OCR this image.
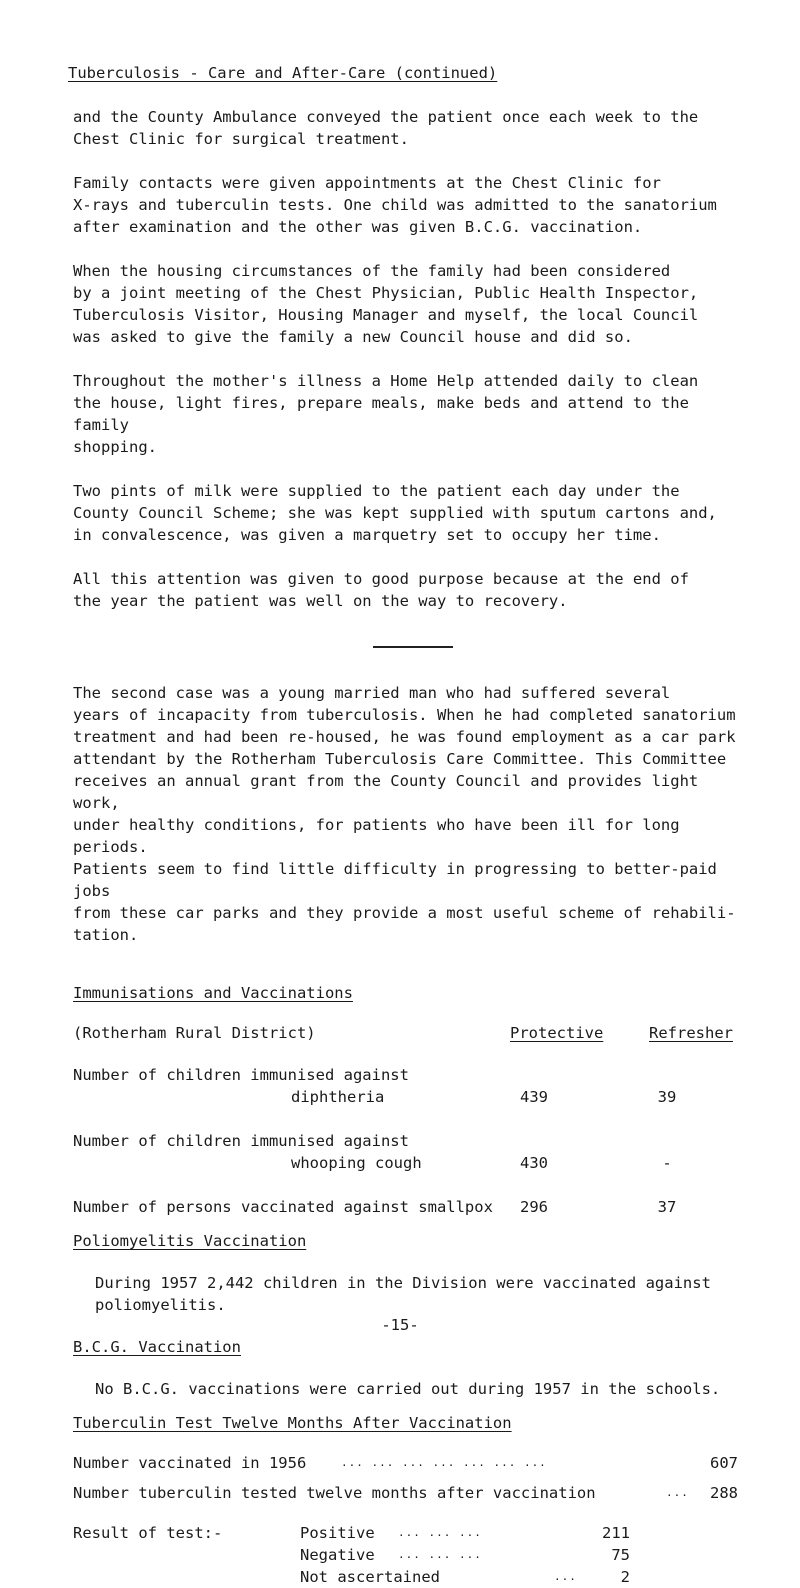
Tuberculosis - Care and After-Care (continued)

and the County Ambulance conveyed the patient once each week to the
Chest Clinic for surgical treatment.

Family contacts were given appointments at the Chest Clinic for
X-rays and tuberculin tests. One child was admitted to the sanatorium
after examination and the other was given B.C.G. vaccination.

When the housing circumstances of the family had been considered
by a joint meeting of the Chest Physician, Public Health Inspector,
Tuberculosis Visitor, Housing Manager and myself, the local Council
was asked to give the family a new Council house and did so.

Throughout the mother's illness a Home Help attended daily to clean
the house, light fires, prepare meals, make beds and attend to the family
shopping.

Two pints of milk were supplied to the patient each day under the
County Council Scheme; she was kept supplied with sputum cartons and,
in convalescence, was given a marquetry set to occupy her time.

All this attention was given to good purpose because at the end of
the year the patient was well on the way to recovery.

The second case was a young married man who had suffered several
years of incapacity from tuberculosis. When he had completed sanatorium
treatment and had been re-housed, he was found employment as a car park
attendant by the Rotherham Tuberculosis Care Committee. This Committee
receives an annual grant from the County Council and provides light work,
under healthy conditions, for patients who have been ill for long periods.
Patients seem to find little difficulty in progressing to better-paid jobs
from these car parks and they provide a most useful scheme of rehabili-
tation.

Immunisations and Vaccinations
(Rotherham Rural District)	Protective	Refresher
Number of children immunised against
diphtheria	439	39
Number of children immunised against
whooping cough	430	-
Number of persons vaccinated against smallpox	296	37
Poliomyelitis Vaccination

During 1957 2,442 children in the Division were vaccinated against
poliomyelitis.

B.C.G. Vaccination

No B.C.G. vaccinations were carried out during 1957 in the schools.

Tuberculin Test Twelve Months After Vaccination
Number vaccinated in 1956	... ... ... ... ... ... ...	607
Number tuberculin tested twelve months after vaccination	... 288
Result of test:-	Positive ... ... ...	211
Negative ... ... ...	75
Not ascertained	...	2
-15-
